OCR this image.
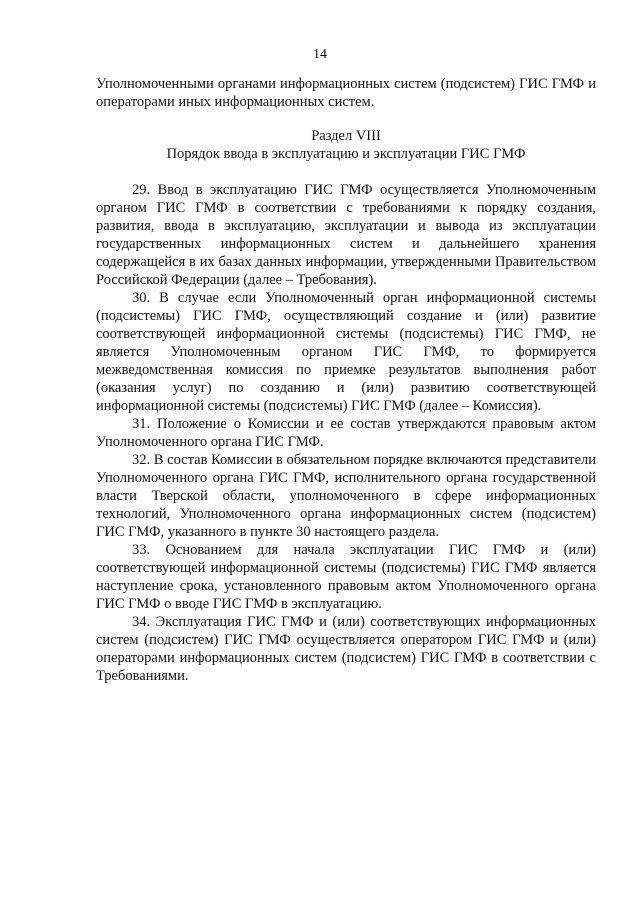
14

Уполномоченными органами информационных систем (подсистем) ГИС ГМФ и операторами иных информационных систем.

Раздел VIII
Порядок ввода в эксплуатацию и эксплуатации ГИС ГМФ

29. Ввод в эксплуатацию ГИС ГМФ осуществляется Уполномоченным органом ГИС ГМФ в соответствии с требованиями к порядку создания, развития, ввода в эксплуатацию, эксплуатации и вывода из эксплуатации государственных информационных систем и дальнейшего хранения содержащейся в их базах данных информации, утвержденными Правительством Российской Федерации (далее – Требования).

30. В случае если Уполномоченный орган информационной системы (подсистемы) ГИС ГМФ, осуществляющий создание и (или) развитие соответствующей информационной системы (подсистемы) ГИС ГМФ, не является Уполномоченным органом ГИС ГМФ, то формируется межведомственная комиссия по приемке результатов выполнения работ (оказания услуг) по созданию и (или) развитию соответствующей информационной системы (подсистемы) ГИС ГМФ (далее – Комиссия).

31. Положение о Комиссии и ее состав утверждаются правовым актом Уполномоченного органа ГИС ГМФ.

32. В состав Комиссии в обязательном порядке включаются представители Уполномоченного органа ГИС ГМФ, исполнительного органа государственной власти Тверской области, уполномоченного в сфере информационных технологий, Уполномоченного органа информационных систем (подсистем) ГИС ГМФ, указанного в пункте 30 настоящего раздела.

33. Основанием для начала эксплуатации ГИС ГМФ и (или) соответствующей информационной системы (подсистемы) ГИС ГМФ является наступление срока, установленного правовым актом Уполномоченного органа ГИС ГМФ о вводе ГИС ГМФ в эксплуатацию.

34. Эксплуатация ГИС ГМФ и (или) соответствующих информационных систем (подсистем) ГИС ГМФ осуществляется оператором ГИС ГМФ и (или) операторами информационных систем (подсистем) ГИС ГМФ в соответствии с Требованиями.
